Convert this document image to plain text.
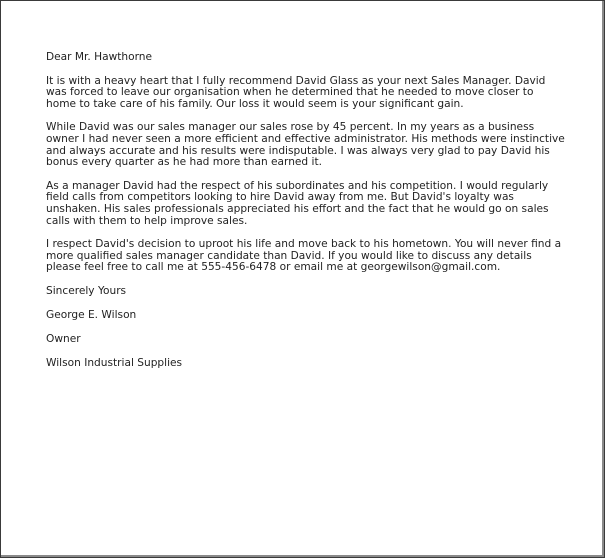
Dear Mr. Hawthorne

It is with a heavy heart that I fully recommend David Glass as your next Sales Manager. David was forced to leave our organisation when he determined that he needed to move closer to home to take care of his family. Our loss it would seem is your significant gain.

While David was our sales manager our sales rose by 45 percent. In my years as a business owner I had never seen a more efficient and effective administrator. His methods were instinctive and always accurate and his results were indisputable. I was always very glad to pay David his bonus every quarter as he had more than earned it.

As a manager David had the respect of his subordinates and his competition. I would regularly field calls from competitors looking to hire David away from me. But David's loyalty was unshaken. His sales professionals appreciated his effort and the fact that he would go on sales calls with them to help improve sales.

I respect David's decision to uproot his life and move back to his hometown. You will never find a more qualified sales manager candidate than David. If you would like to discuss any details please feel free to call me at 555-456-6478 or email me at georgewilson@gmail.com.

Sincerely Yours

George E. Wilson

Owner

Wilson Industrial Supplies
